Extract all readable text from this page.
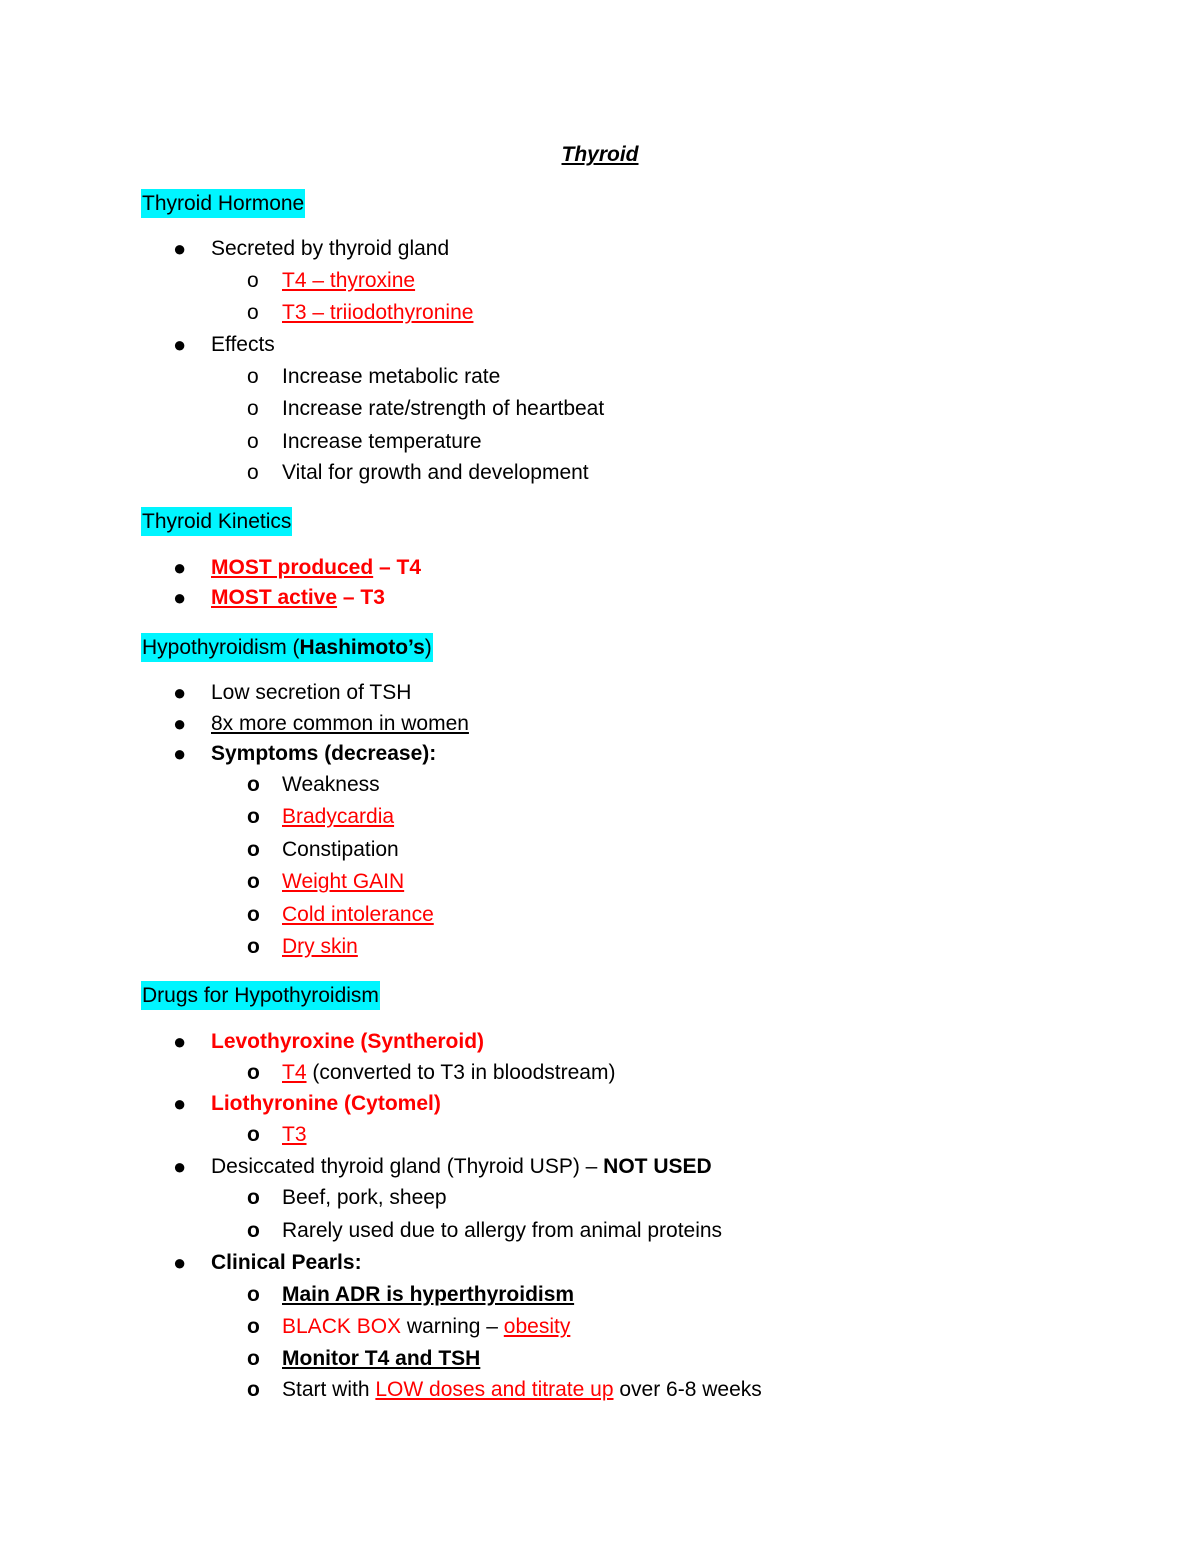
Thyroid
Thyroid Hormone
● Secreted by thyroid gland
o T4 – thyroxine
o T3 – triiodothyronine
● Effects
o Increase metabolic rate
o Increase rate/strength of heartbeat
o Increase temperature
o Vital for growth and development
Thyroid Kinetics
● MOST produced – T4
● MOST active – T3
Hypothyroidism (Hashimoto’s)
● Low secretion of TSH
● 8x more common in women
● Symptoms (decrease):
o Weakness
o Bradycardia
o Constipation
o Weight GAIN
o Cold intolerance
o Dry skin
Drugs for Hypothyroidism
● Levothyroxine (Syntheroid)
o T4 (converted to T3 in bloodstream)
● Liothyronine (Cytomel)
o T3
● Desiccated thyroid gland (Thyroid USP) – NOT USED
o Beef, pork, sheep
o Rarely used due to allergy from animal proteins
● Clinical Pearls:
o Main ADR is hyperthyroidism
o BLACK BOX warning – obesity
o Monitor T4 and TSH
o Start with LOW doses and titrate up over 6-8 weeks
